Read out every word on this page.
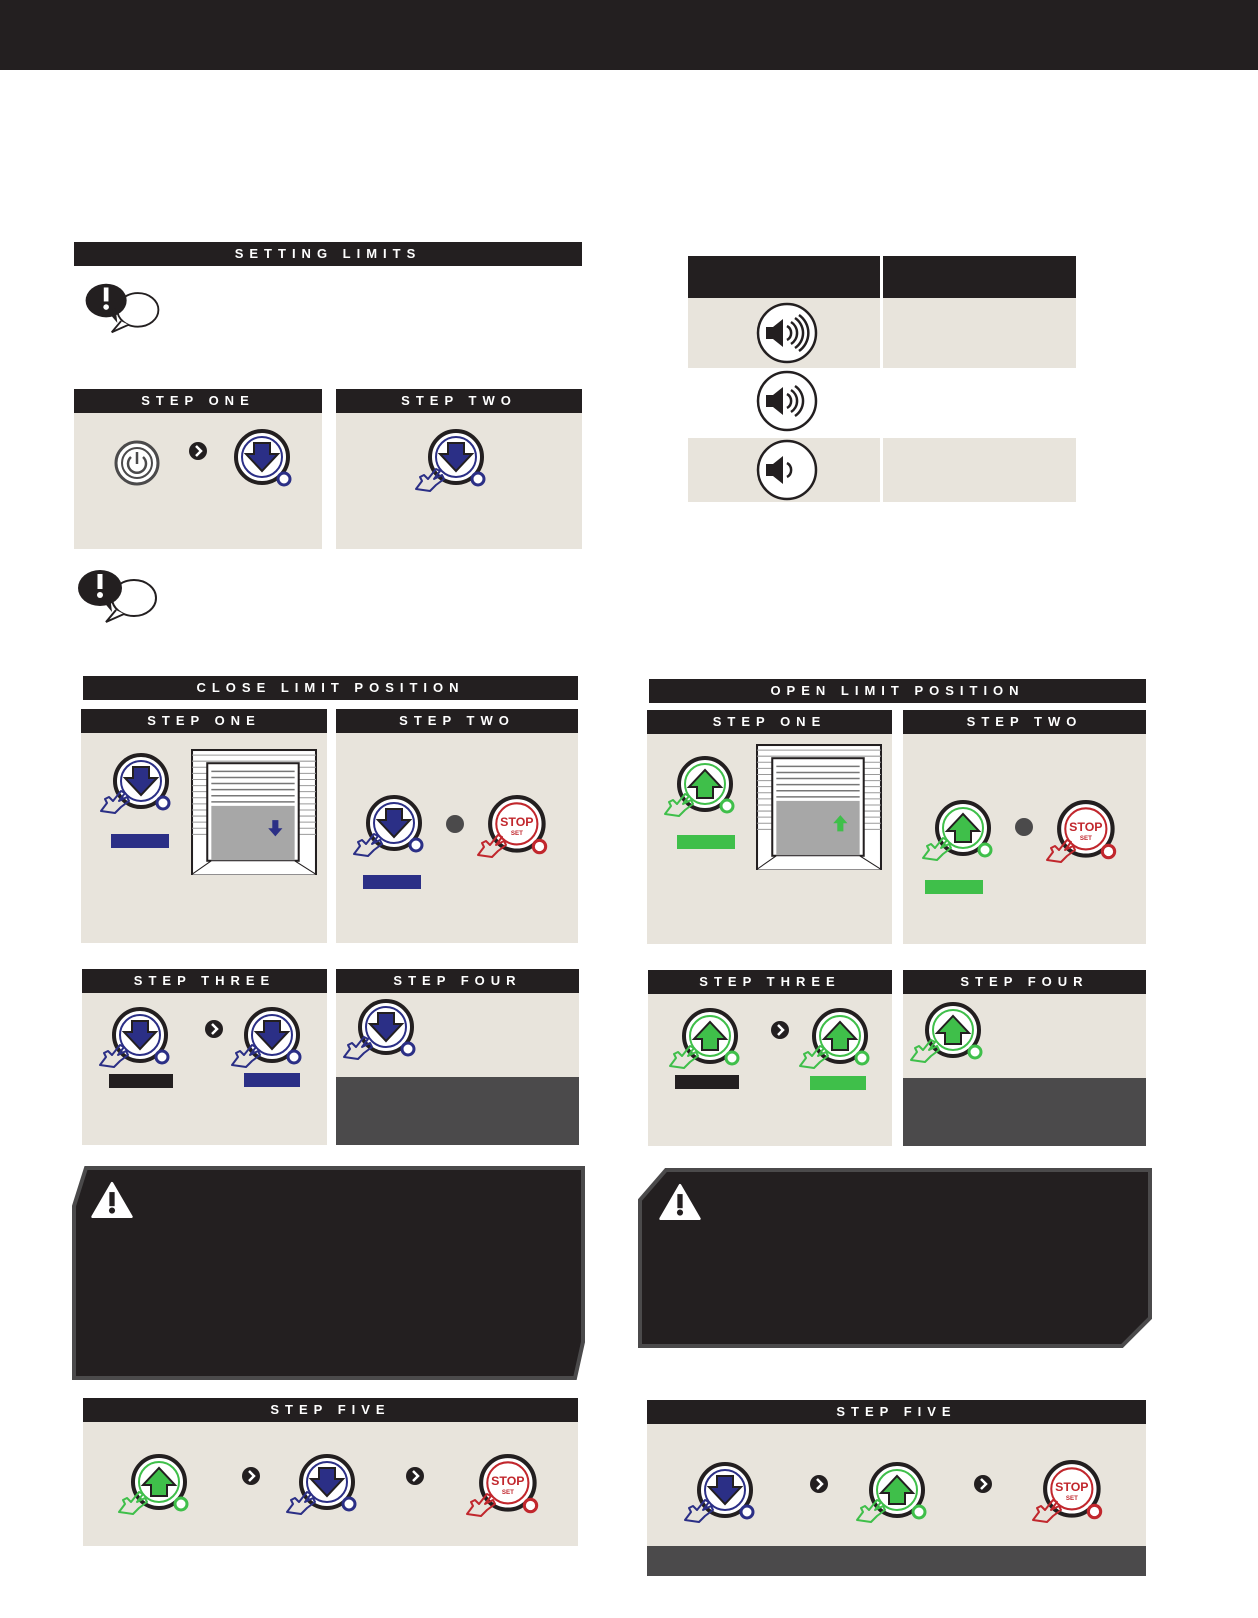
SETTING LIMITS
STEP ONE	STEP TWO
CLOSE LIMIT POSITION
STEP ONE	STEP TWO
STOP
SET
STEP THREE	STEP FOUR
STEP FIVE
STOP
SET
OPEN LIMIT POSITION
STEP ONE	STEP TWO
STOP
SET
STEP THREE	STEP FOUR
STEP FIVE
STOP
SET
